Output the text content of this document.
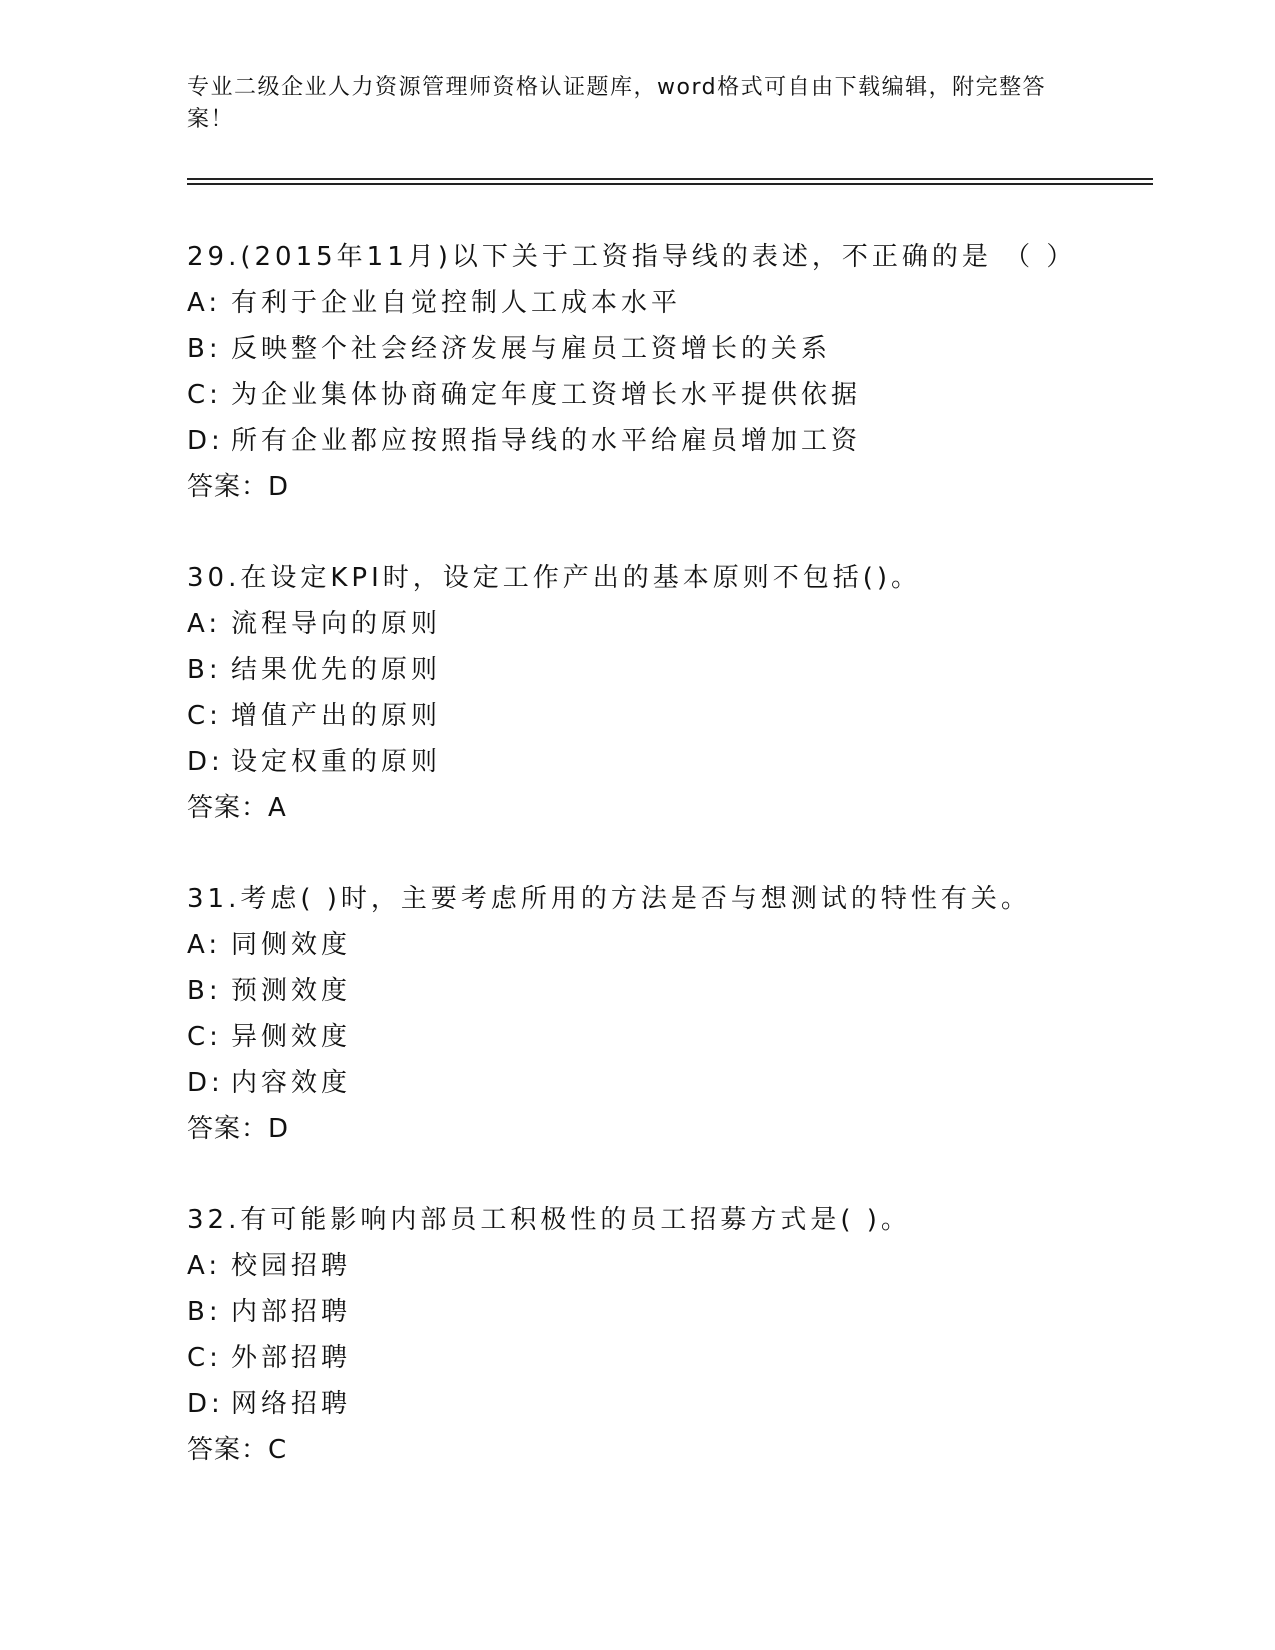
专业二级企业人力资源管理师资格认证题库，word格式可自由下载编辑，附完整答案！
29.(2015年11月)以下关于工资指导线的表述，不正确的是 （ ）
A: 有利于企业自觉控制人工成本水平
B: 反映整个社会经济发展与雇员工资增长的关系
C: 为企业集体协商确定年度工资增长水平提供依据
D: 所有企业都应按照指导线的水平给雇员增加工资
答案：D
30.在设定KPI时，设定工作产出的基本原则不包括()。
A: 流程导向的原则
B: 结果优先的原则
C: 增值产出的原则
D: 设定权重的原则
答案：A
31.考虑( )时，主要考虑所用的方法是否与想测试的特性有关。
A: 同侧效度
B: 预测效度
C: 异侧效度
D: 内容效度
答案：D
32.有可能影响内部员工积极性的员工招募方式是( )。
A: 校园招聘
B: 内部招聘
C: 外部招聘
D: 网络招聘
答案：C
